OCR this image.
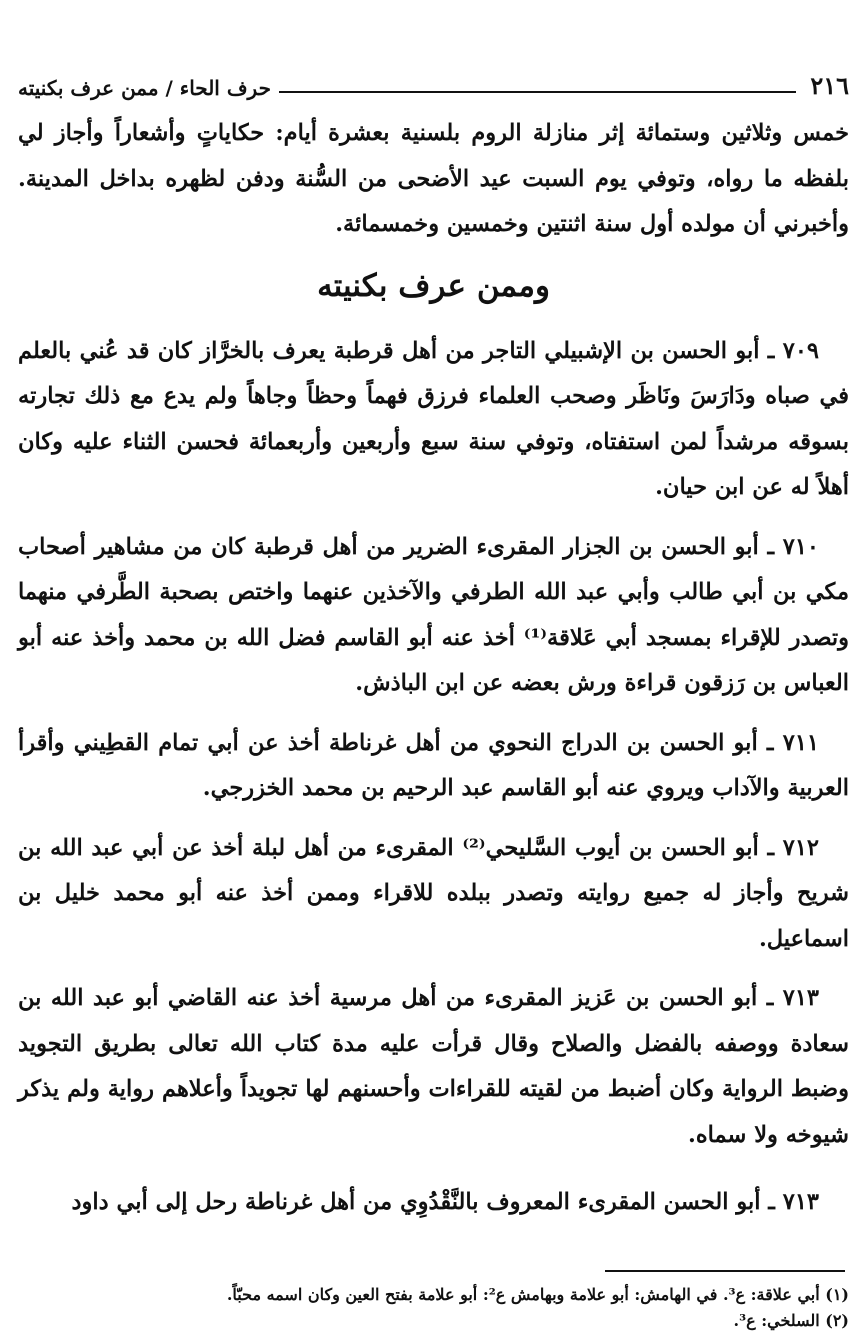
٢١٦
حرف الحاء / ممن عرف بكنيته

خمس وثلاثين وستمائة إثر منازلة الروم بلسنية بعشرة أيام: حكاياتٍ وأشعاراً وأجاز لي بلفظه ما رواه، وتوفي يوم السبت عيد الأضحى من السُّنة ودفن لظهره بداخل المدينة. وأخبرني أن مولده أول سنة اثنتين وخمسين وخمسمائة.

وممن عرف بكنيته

٧٠٩ ـ أبو الحسن بن الإشبيلي التاجر من أهل قرطبة يعرف بالخرَّاز كان قد عُني بالعلم في صباه ودَارَسَ ونَاظَر وصحب العلماء فرزق فهماً وحظاً وجاهاً ولم يدع مع ذلك تجارته بسوقه مرشداً لمن استفتاه، وتوفي سنة سبع وأربعين وأربعمائة فحسن الثناء عليه وكان أهلاً له عن ابن حيان.

٧١٠ ـ أبو الحسن بن الجزار المقرىء الضرير من أهل قرطبة كان من مشاهير أصحاب مكي بن أبي طالب وأبي عبد الله الطرفي والآخذين عنهما واختص بصحبة الطَّرفي منهما وتصدر للإقراء بمسجد أبي عَلاقة⁽¹⁾ أخذ عنه أبو القاسم فضل الله بن محمد وأخذ عنه أبو العباس بن رَزقون قراءة ورش بعضه عن ابن الباذش.

٧١١ ـ أبو الحسن بن الدراج النحوي من أهل غرناطة أخذ عن أبي تمام القطِيني وأقرأ العربية والآداب ويروي عنه أبو القاسم عبد الرحيم بن محمد الخزرجي.

٧١٢ ـ أبو الحسن بن أيوب السَّليحي⁽²⁾ المقرىء من أهل لبلة أخذ عن أبي عبد الله بن شريح وأجاز له جميع روايته وتصدر ببلده للاقراء وممن أخذ عنه أبو محمد خليل بن اسماعيل.

٧١٣ ـ أبو الحسن بن عَزيز المقرىء من أهل مرسية أخذ عنه القاضي أبو عبد الله بن سعادة ووصفه بالفضل والصلاح وقال قرأت عليه مدة كتاب الله تعالى بطريق التجويد وضبط الرواية وكان أضبط من لقيته للقراءات وأحسنهم لها تجويداً وأعلاهم رواية ولم يذكر شيوخه ولا سماه.

٧١٣ ـ أبو الحسن المقرىء المعروف بالنَّقْدُوِي من أهل غرناطة رحل إلى أبي داود

(١) أبي علاقة: ع³. في الهامش: أبو علامة وبهامش ع²: أبو علامة بفتح العين وكان اسمه محبّاً.

(٢) السلخي: ع³.
